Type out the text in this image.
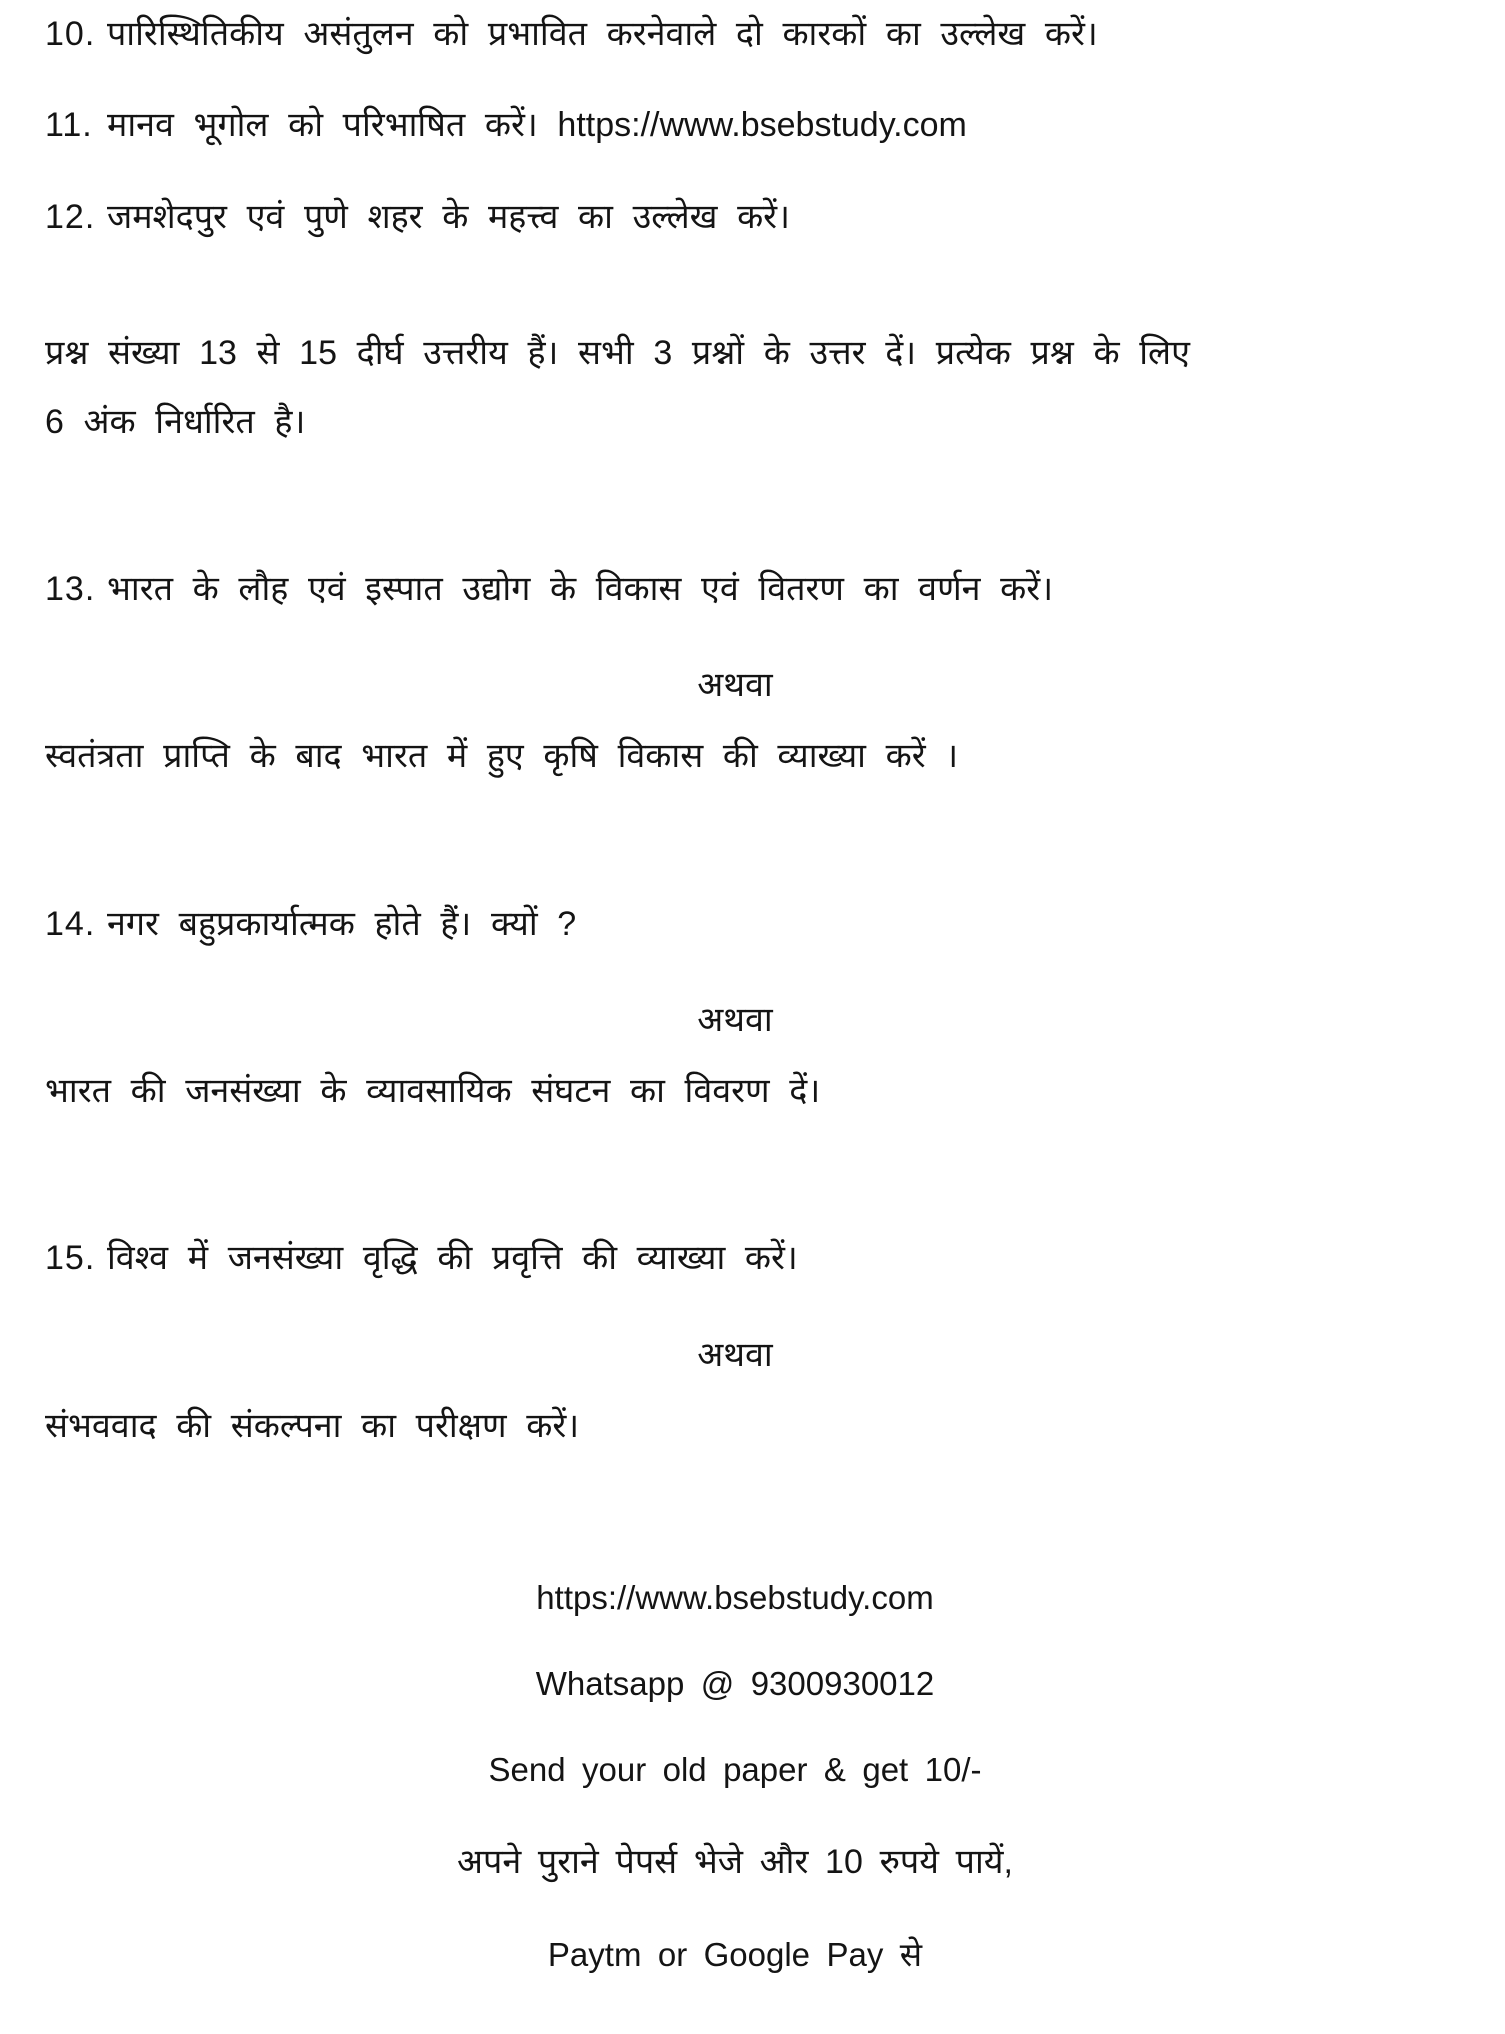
10. पारिस्थितिकीय असंतुलन को प्रभावित करनेवाले दो कारकों का उल्लेख करें।
11. मानव भूगोल को परिभाषित करें। https://www.bsebstudy.com
12. जमशेदपुर एवं पुणे शहर के महत्त्व का उल्लेख करें।
प्रश्न संख्या 13 से 15 दीर्घ उत्तरीय हैं। सभी 3 प्रश्नों के उत्तर दें। प्रत्येक प्रश्न के लिए
6 अंक निर्धारित है।
13. भारत के लौह एवं इस्पात उद्योग के विकास एवं वितरण का वर्णन करें।
अथवा
स्वतंत्रता प्राप्ति के बाद भारत में हुए कृषि विकास की व्याख्या करें ।
14. नगर बहुप्रकार्यात्मक होते हैं। क्यों ?
अथवा
भारत की जनसंख्या के व्यावसायिक संघटन का विवरण दें।
15. विश्व में जनसंख्या वृद्धि की प्रवृत्ति की व्याख्या करें।
अथवा
संभववाद की संकल्पना का परीक्षण करें।
https://www.bsebstudy.com
Whatsapp @ 9300930012
Send your old paper & get 10/-
अपने पुराने पेपर्स भेजे और 10 रुपये पायें,
Paytm or Google Pay से
